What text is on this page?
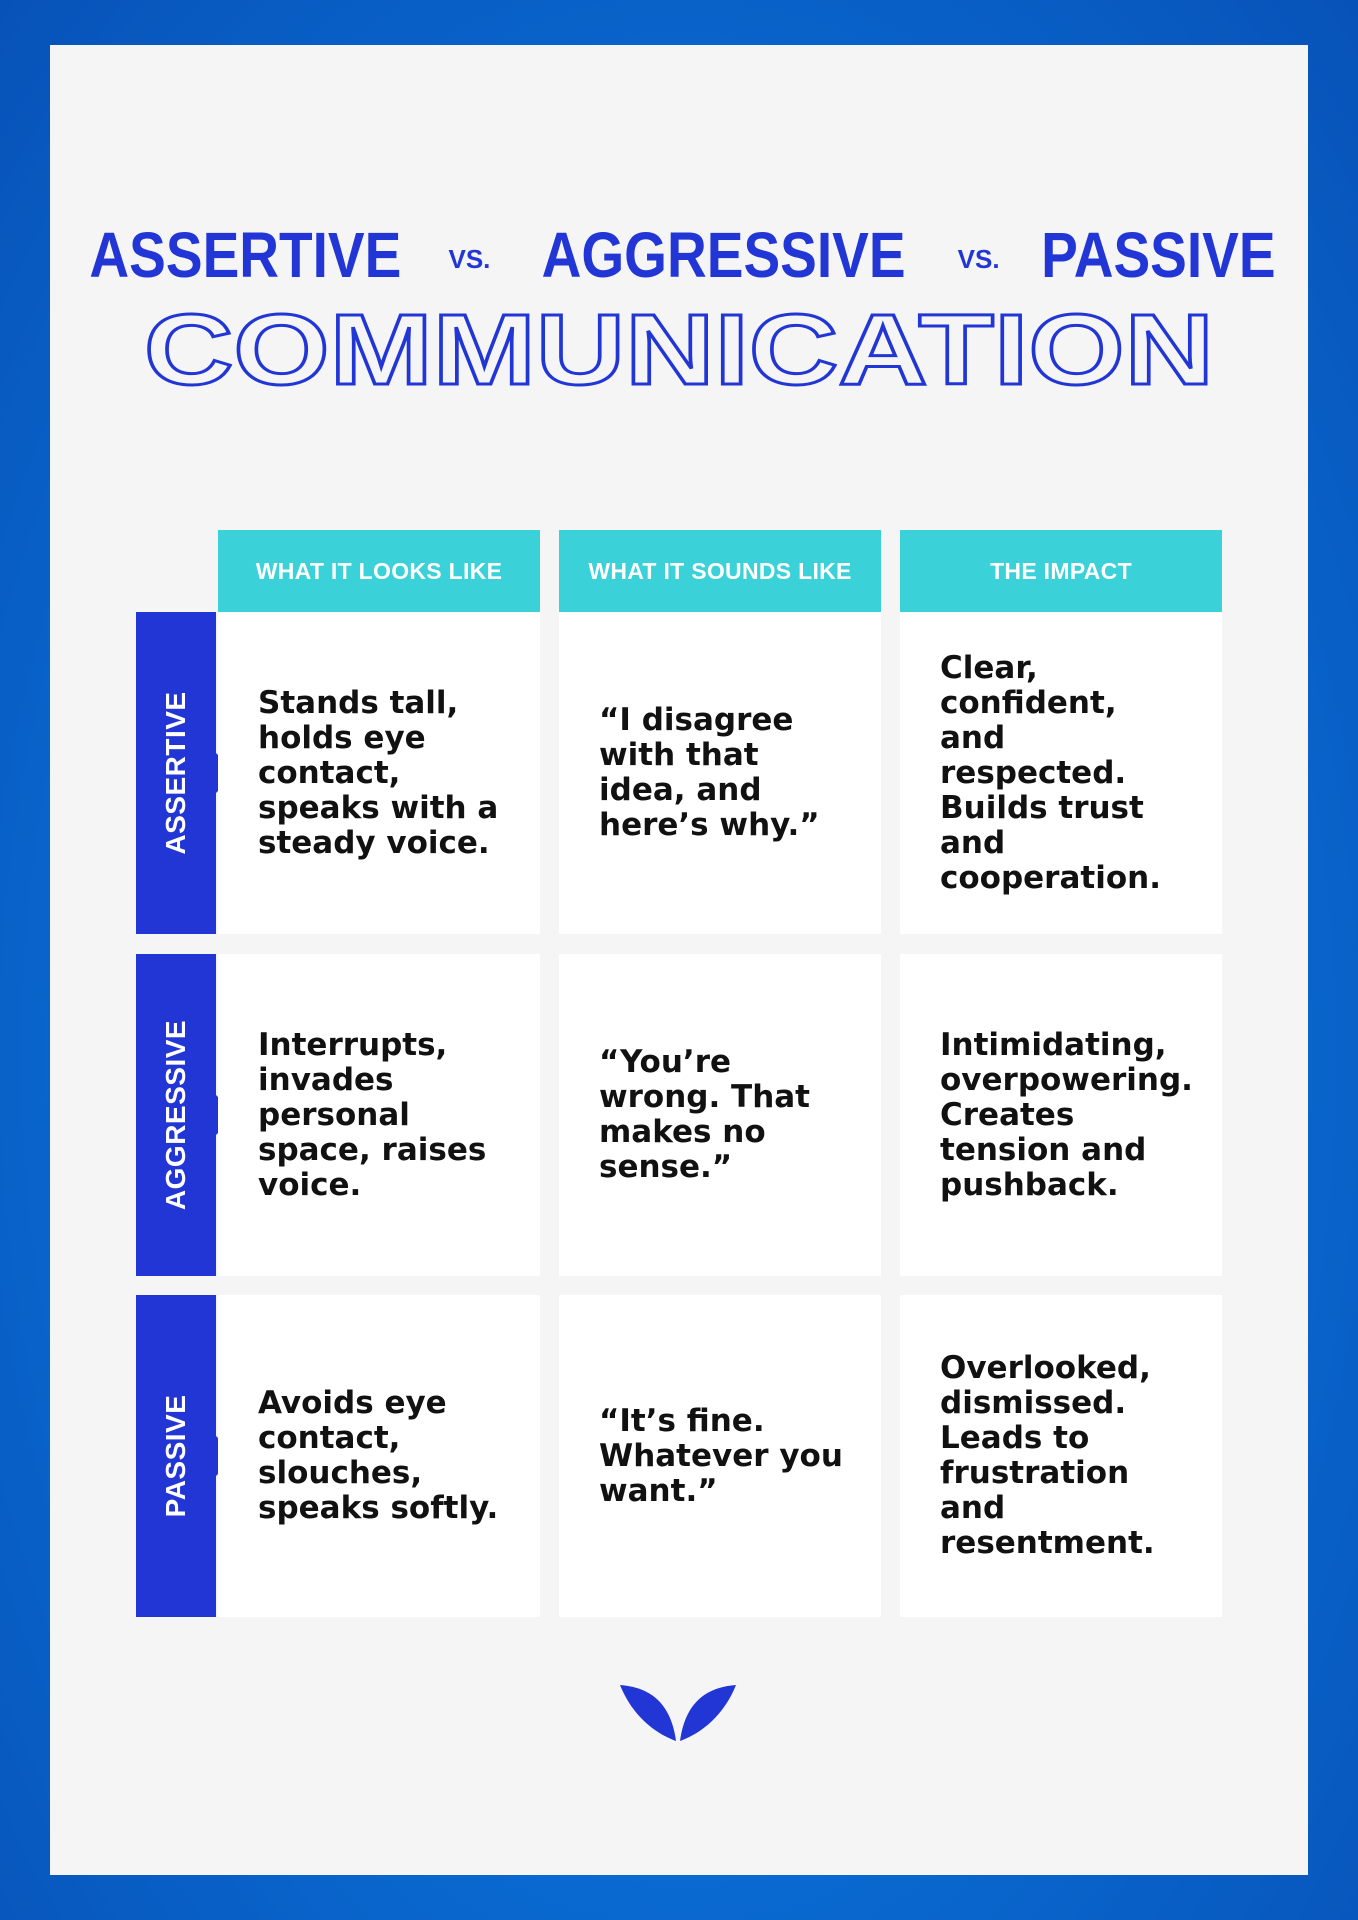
ASSERTIVE VS. AGGRESSIVE VS. PASSIVE
COMMUNICATION
WHAT IT LOOKS LIKE	WHAT IT SOUNDS LIKE	THE IMPACT
ASSERTIVE Stands tall, holds eye contact, speaks with a steady voice.
“I disagree with that idea, and here’s why.”
Clear, confident, and respected. Builds trust and cooperation.
AGGRESSIVE Interrupts, invades personal space, raises voice.
“You’re wrong. That makes no sense.”
Intimidating, overpowering. Creates tension and pushback.
PASSIVE Avoids eye contact, slouches, speaks softly.
“It’s fine. Whatever you want.”
Overlooked, dismissed. Leads to frustration and resentment.
